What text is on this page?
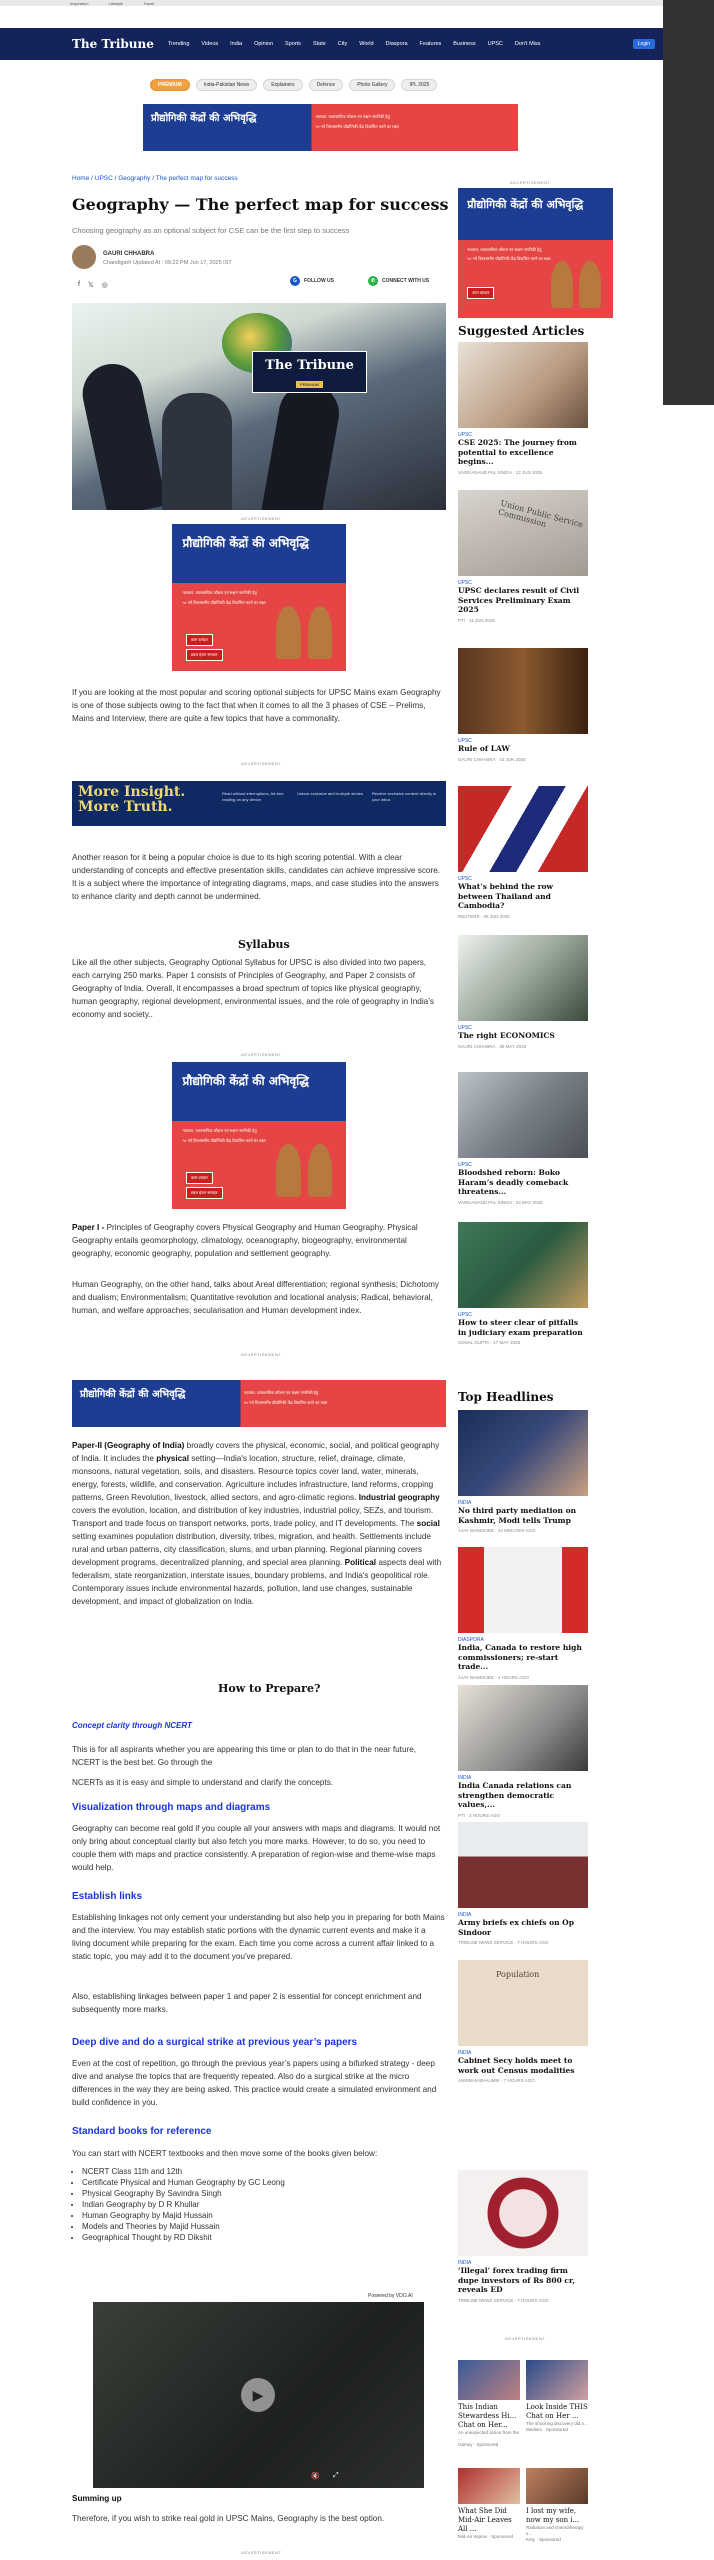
Inspiration	Lifestyle	Travel
The Tribune	Trending Videos India Opinion Sports State City World Diaspora Features Business UPSC Don't Miss	Login
PREMIUM	India-Pakistan News	Explainers	Defence	Photo Gallery	IPL 2025
प्रौद्योगिकी केंद्रों की अभिवृद्धि	नवाचार, व्यावसायिक कौशल एवं सक्षम नागरिकी हेतु
५० नये विश्वस्तरीय प्रौद्योगिकी केंद्र विकसित करने का लक्ष्य
Home / UPSC / Geography / The perfect map for success
Geography — The perfect map for success
Choosing geography as an optional subject for CSE can be the first step to success
GAURI CHHABRA
Chandigarh Updated At : 09:22 PM Jun 17, 2025 IST
f 𝕏 ◎
G	FOLLOW US	✆	CONNECT WITH US
The Tribune
PREMIUM
ADVERTISEMENT
प्रौद्योगिकी केंद्रों की अभिवृद्धि
नवाचार, व्यावसायिक कौशल एवं सक्षम नागरिकी हेतु
५० नये विश्वस्तरीय प्रौद्योगिकी केंद्र विकसित करने का लक्ष्य
काम दमदार
डबल इंजन सरकार
If you are looking at the most popular and scoring optional subjects for UPSC Mains exam Geography is one of those subjects owing to the fact that when it comes to all the 3 phases of CSE – Prelims, Mains and Interview, there are quite a few topics that have a commonality.
ADVERTISEMENT
More Insight.
More Truth.
Read without interruptions, Ad-free reading on any device
Unlock exclusive and in-depth stories	Receive exclusive content directly in your inbox
Another reason for it being a popular choice is due to its high scoring potential. With a clear understanding of concepts and effective presentation skills, candidates can achieve impressive score. It is a subject where the importance of integrating diagrams, maps, and case studies into the answers to enhance clarity and depth cannot be undermined.
Syllabus
Like all the other subjects, Geography Optional Syllabus for UPSC is also divided into two papers, each carrying 250 marks. Paper 1 consists of Principles of Geography, and Paper 2 consists of Geography of India. Overall, it encompasses a broad spectrum of topics like physical geography, human geography, regional development, environmental issues, and the role of geography in India’s economy and society..
ADVERTISEMENT
प्रौद्योगिकी केंद्रों की अभिवृद्धि
नवाचार, व्यावसायिक कौशल एवं सक्षम नागरिकी हेतु
५० नये विश्वस्तरीय प्रौद्योगिकी केंद्र विकसित करने का लक्ष्य
काम दमदार
डबल इंजन सरकार
Paper I - Principles of Geography covers Physical Geography and Human Geography. Physical Geography entails geomorphology, climatology, oceanography, biogeography, environmental geography, economic geography, population and settlement geography.
Human Geography, on the other hand, talks about Areal differentiation; regional synthesis; Dichotomy and dualism; Environmentalism; Quantitative revolution and locational analysis; Radical, behavioral, human, and welfare approaches; secularisation and Human development index.
ADVERTISEMENT
प्रौद्योगिकी केंद्रों की अभिवृद्धि	नवाचार, व्यावसायिक कौशल एवं सक्षम नागरिकी हेतु
५० नये विश्वस्तरीय प्रौद्योगिकी केंद्र विकसित करने का लक्ष्य
Paper-II (Geography of India) broadly covers the physical, economic, social, and political geography of India. It includes the physical setting—India's location, structure, relief, drainage, climate, monsoons, natural vegetation, soils, and disasters. Resource topics cover land, water, minerals, energy, forests, wildlife, and conservation. Agriculture includes infrastructure, land reforms, cropping patterns, Green Revolution, livestock, allied sectors, and agro-climatic regions. Industrial geography covers the evolution, location, and distribution of key industries, industrial policy, SEZs, and tourism. Transport and trade focus on transport networks, ports, trade policy, and IT developments. The social setting examines population distribution, diversity, tribes, migration, and health. Settlements include rural and urban patterns, city classification, slums, and urban planning. Regional planning covers development programs, decentralized planning, and special area planning. Political aspects deal with federalism, state reorganization, interstate issues, boundary problems, and India's geopolitical role. Contemporary issues include environmental hazards, pollution, land use changes, sustainable development, and impact of globalization on India.
How to Prepare?
Concept clarity through NCERT
This is for all aspirants whether you are appearing this time or plan to do that in the near future, NCERT is the best bet. Go through the
NCERTs as it is easy and simple to understand and clarify the concepts.
Visualization through maps and diagrams
Geography can become real gold if you couple all your answers with maps and diagrams. It would not only bring about conceptual clarity but also fetch you more marks. However, to do so, you need to couple them with maps and practice consistently. A preparation of region-wise and theme-wise maps would help.
Establish links
Establishing linkages not only cement your understanding but also help you in preparing for both Mains and the interview. You may establish static portions with the dynamic current events and make it a living document while preparing for the exam. Each time you come across a current affair linked to a static topic, you may add it to the document you've prepared.
Also, establishing linkages between paper 1 and paper 2 is essential for concept enrichment and subsequently more marks.
Deep dive and do a surgical strike at previous year’s papers
Even at the cost of repetition, go through the previous year’s papers using a bifurked strategy - deep dive and analyse the topics that are frequently repeated. Also do a surgical strike at the micro differences in the way they are being asked. This practice would create a simulated environment and build confidence in you.
Standard books for reference
You can start with NCERT textbooks and then move some of the books given below:
• NCERT Class 11th and 12th
• Certificate Physical and Human Geography by GC Leong
• Physical Geography By Savindra Singh
• Indian Geography by D R Khullar
• Human Geography by Majid Hussain
• Models and Theories by Majid Hussain
• Geographical Thought by RD Dikshit
Powered by VDO.AI
▶
🔇 ⤢
Summing up
Therefore, if you wish to strike real gold in UPSC Mains, Geography is the best option.
ADVERTISEMENT
ADVERTISEMENT
प्रौद्योगिकी केंद्रों की अभिवृद्धि
नवाचार, व्यावसायिक कौशल एवं सक्षम नागरिकी हेतु
५० नये विश्वस्तरीय प्रौद्योगिकी केंद्र विकसित करने का लक्ष्य
काम दमदार
Suggested Articles
UPSC
CSE 2025: The journey from potential to excellence begins...
VIVEKANAND PAL SINGH · 12 JUN 2025
Union Public Service Commission
UPSC
UPSC declares result of Civil Services Preliminary Exam 2025
PTI · 11 JUN 2025
UPSC
Rule of LAW
GAURI CHHABRA · 10 JUN 2025
UPSC
What’s behind the row between Thailand and Cambodia?
REUTERS · 05 JUN 2025
UPSC
The right ECONOMICS
GAURI CHHABRA · 30 MAY 2025
UPSC
Bloodshed reborn: Boko Haram’s deadly comeback threatens...
VIVEKANAND PAL SINGH · 23 MAY 2025
UPSC
How to steer clear of pitfalls in judiciary exam preparation
SONAL GUPTA · 17 MAY 2025
Top Headlines
INDIA
No third party mediation on Kashmir, Modi tells Trump
AJAY BANERJEE · 44 MINUTES AGO
DIASPORA
India, Canada to restore high commissioners; re-start trade...
AJAY BANERJEE · 2 HOURS AGO
INDIA
India Canada relations can strengthen democratic values,...
PTI · 3 HOURS AGO
INDIA
Army briefs ex chiefs on Op Sindoor
TRIBUNE NEWS SERVICE · 7 HOURS AGO
Population
INDIA
Cabinet Secy holds meet to work out Census modalities
ANIRBAN BHAUMIK · 7 HOURS AGO
INDIA
‘Illegal’ forex trading firm dupe investors of Rs 800 cr, reveals ED
TRIBUNE NEWS SERVICE · 7 HOURS AGO
ADVERTISEMENT
This Indian Stewardess Hi... Chat on Her...
An unexpected action from the ...
Gamey · Sponsored
Look Inside THIS Chat on Her ...
The shocking discovery did n...
Medium · Sponsored
What She Did Mid-Air Leaves All ...
Mid-Air Improv · Sponsored
I lost my wife, now my son i...
Radiation and chemotherapy s...
Kety · Sponsored
